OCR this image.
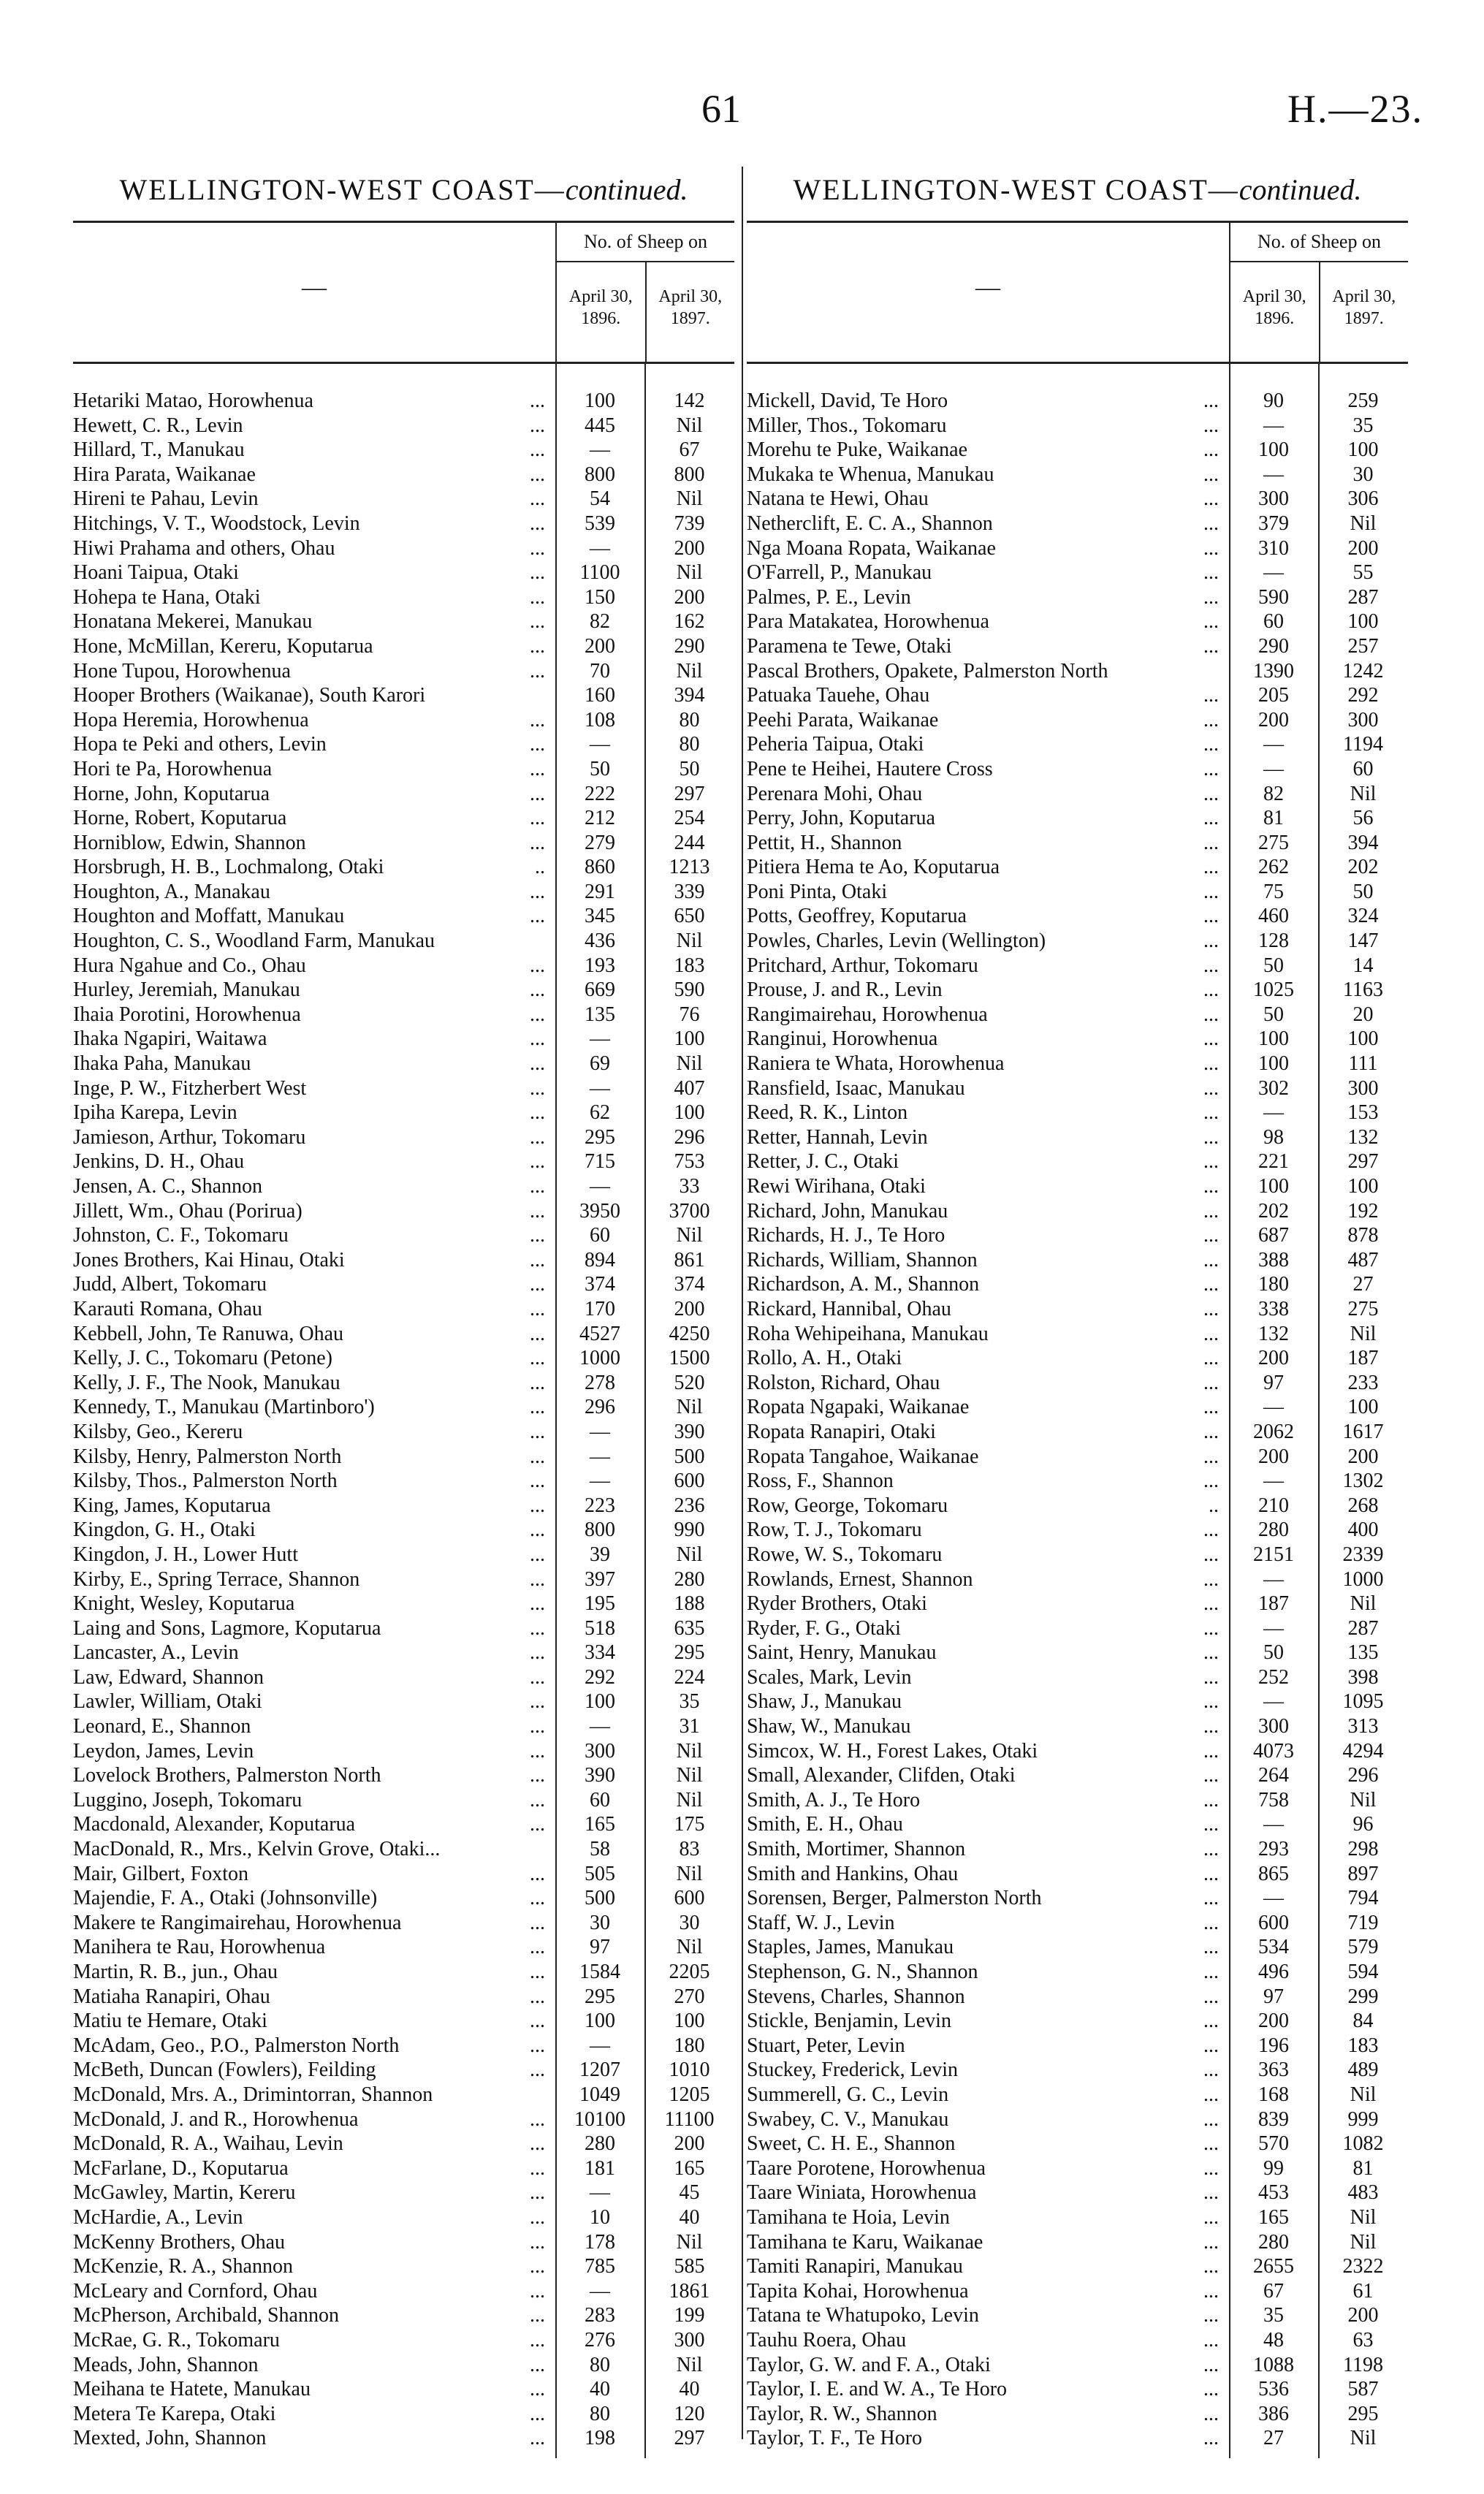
61	H.—23.
WELLINGTON-WEST COAST—continued.
—
No. of Sheep on
April 30, 1896.
April 30, 1897.
Hetariki Matao, Horowhenua	...	100	142
Hewett, C. R., Levin	...	445	Nil
Hillard, T., Manukau	...	—	67
Hira Parata, Waikanae	...	800	800
Hireni te Pahau, Levin	...	54	Nil
Hitchings, V. T., Woodstock, Levin	...	539	739
Hiwi Prahama and others, Ohau	...	—	200
Hoani Taipua, Otaki	...	1100	Nil
Hohepa te Hana, Otaki	...	150	200
Honatana Mekerei, Manukau	...	82	162
Hone, McMillan, Kereru, Koputarua	...	200	290
Hone Tupou, Horowhenua	...	70	Nil
Hooper Brothers (Waikanae), South Karori	160	394
Hopa Heremia, Horowhenua	...	108	80
Hopa te Peki and others, Levin	...	—	80
Hori te Pa, Horowhenua	...	50	50
Horne, John, Koputarua	...	222	297
Horne, Robert, Koputarua	...	212	254
Horniblow, Edwin, Shannon	...	279	244
Horsbrugh, H. B., Lochmalong, Otaki	..	860	1213
Houghton, A., Manakau	...	291	339
Houghton and Moffatt, Manukau	...	345	650
Houghton, C. S., Woodland Farm, Manukau	436	Nil
Hura Ngahue and Co., Ohau	...	193	183
Hurley, Jeremiah, Manukau	...	669	590
Ihaia Porotini, Horowhenua	...	135	76
Ihaka Ngapiri, Waitawa	...	—	100
Ihaka Paha, Manukau	...	69	Nil
Inge, P. W., Fitzherbert West	...	—	407
Ipiha Karepa, Levin	...	62	100
Jamieson, Arthur, Tokomaru	...	295	296
Jenkins, D. H., Ohau	...	715	753
Jensen, A. C., Shannon	...	—	33
Jillett, Wm., Ohau (Porirua)	...	3950	3700
Johnston, C. F., Tokomaru	...	60	Nil
Jones Brothers, Kai Hinau, Otaki	...	894	861
Judd, Albert, Tokomaru	...	374	374
Karauti Romana, Ohau	...	170	200
Kebbell, John, Te Ranuwa, Ohau	...	4527	4250
Kelly, J. C., Tokomaru (Petone)	...	1000	1500
Kelly, J. F., The Nook, Manukau	...	278	520
Kennedy, T., Manukau (Martinboro')	...	296	Nil
Kilsby, Geo., Kereru	...	—	390
Kilsby, Henry, Palmerston North	...	—	500
Kilsby, Thos., Palmerston North	...	—	600
King, James, Koputarua	...	223	236
Kingdon, G. H., Otaki	...	800	990
Kingdon, J. H., Lower Hutt	...	39	Nil
Kirby, E., Spring Terrace, Shannon	...	397	280
Knight, Wesley, Koputarua	...	195	188
Laing and Sons, Lagmore, Koputarua	...	518	635
Lancaster, A., Levin	...	334	295
Law, Edward, Shannon	...	292	224
Lawler, William, Otaki	...	100	35
Leonard, E., Shannon	...	—	31
Leydon, James, Levin	...	300	Nil
Lovelock Brothers, Palmerston North	...	390	Nil
Luggino, Joseph, Tokomaru	...	60	Nil
Macdonald, Alexander, Koputarua	...	165	175
MacDonald, R., Mrs., Kelvin Grove, Otaki...	58	83
Mair, Gilbert, Foxton	...	505	Nil
Majendie, F. A., Otaki (Johnsonville)	...	500	600
Makere te Rangimairehau, Horowhenua	...	30	30
Manihera te Rau, Horowhenua	...	97	Nil
Martin, R. B., jun., Ohau	...	1584	2205
Matiaha Ranapiri, Ohau	...	295	270
Matiu te Hemare, Otaki	...	100	100
McAdam, Geo., P.O., Palmerston North	...	—	180
McBeth, Duncan (Fowlers), Feilding	...	1207	1010
McDonald, Mrs. A., Drimintorran, Shannon	1049	1205
McDonald, J. and R., Horowhenua	...	10100	11100
McDonald, R. A., Waihau, Levin	...	280	200
McFarlane, D., Koputarua	...	181	165
McGawley, Martin, Kereru	...	—	45
McHardie, A., Levin	...	10	40
McKenny Brothers, Ohau	...	178	Nil
McKenzie, R. A., Shannon	...	785	585
McLeary and Cornford, Ohau	...	—	1861
McPherson, Archibald, Shannon	...	283	199
McRae, G. R., Tokomaru	...	276	300
Meads, John, Shannon	...	80	Nil
Meihana te Hatete, Manukau	...	40	40
Metera Te Karepa, Otaki	...	80	120
Mexted, John, Shannon	...	198	297
WELLINGTON-WEST COAST—continued.
—
No. of Sheep on
April 30, 1896.
April 30, 1897.
Mickell, David, Te Horo	...	90	259
Miller, Thos., Tokomaru	...	—	35
Morehu te Puke, Waikanae	...	100	100
Mukaka te Whenua, Manukau	...	—	30
Natana te Hewi, Ohau	...	300	306
Netherclift, E. C. A., Shannon	...	379	Nil
Nga Moana Ropata, Waikanae	...	310	200
O'Farrell, P., Manukau	...	—	55
Palmes, P. E., Levin	...	590	287
Para Matakatea, Horowhenua	...	60	100
Paramena te Tewe, Otaki	...	290	257
Pascal Brothers, Opakete, Palmerston North	1390	1242
Patuaka Tauehe, Ohau	...	205	292
Peehi Parata, Waikanae	...	200	300
Peheria Taipua, Otaki	...	—	1194
Pene te Heihei, Hautere Cross	...	—	60
Perenara Mohi, Ohau	...	82	Nil
Perry, John, Koputarua	...	81	56
Pettit, H., Shannon	...	275	394
Pitiera Hema te Ao, Koputarua	...	262	202
Poni Pinta, Otaki	...	75	50
Potts, Geoffrey, Koputarua	...	460	324
Powles, Charles, Levin (Wellington)	...	128	147
Pritchard, Arthur, Tokomaru	...	50	14
Prouse, J. and R., Levin	...	1025	1163
Rangimairehau, Horowhenua	...	50	20
Ranginui, Horowhenua	...	100	100
Raniera te Whata, Horowhenua	...	100	111
Ransfield, Isaac, Manukau	...	302	300
Reed, R. K., Linton	...	—	153
Retter, Hannah, Levin	...	98	132
Retter, J. C., Otaki	...	221	297
Rewi Wirihana, Otaki	...	100	100
Richard, John, Manukau	...	202	192
Richards, H. J., Te Horo	...	687	878
Richards, William, Shannon	...	388	487
Richardson, A. M., Shannon	...	180	27
Rickard, Hannibal, Ohau	...	338	275
Roha Wehipeihana, Manukau	...	132	Nil
Rollo, A. H., Otaki	...	200	187
Rolston, Richard, Ohau	...	97	233
Ropata Ngapaki, Waikanae	...	—	100
Ropata Ranapiri, Otaki	...	2062	1617
Ropata Tangahoe, Waikanae	...	200	200
Ross, F., Shannon	...	—	1302
Row, George, Tokomaru	..	210	268
Row, T. J., Tokomaru	...	280	400
Rowe, W. S., Tokomaru	...	2151	2339
Rowlands, Ernest, Shannon	...	—	1000
Ryder Brothers, Otaki	...	187	Nil
Ryder, F. G., Otaki	...	—	287
Saint, Henry, Manukau	...	50	135
Scales, Mark, Levin	...	252	398
Shaw, J., Manukau	...	—	1095
Shaw, W., Manukau	...	300	313
Simcox, W. H., Forest Lakes, Otaki	...	4073	4294
Small, Alexander, Clifden, Otaki	...	264	296
Smith, A. J., Te Horo	...	758	Nil
Smith, E. H., Ohau	...	—	96
Smith, Mortimer, Shannon	...	293	298
Smith and Hankins, Ohau	...	865	897
Sorensen, Berger, Palmerston North	...	—	794
Staff, W. J., Levin	...	600	719
Staples, James, Manukau	...	534	579
Stephenson, G. N., Shannon	...	496	594
Stevens, Charles, Shannon	...	97	299
Stickle, Benjamin, Levin	...	200	84
Stuart, Peter, Levin	...	196	183
Stuckey, Frederick, Levin	...	363	489
Summerell, G. C., Levin	...	168	Nil
Swabey, C. V., Manukau	...	839	999
Sweet, C. H. E., Shannon	...	570	1082
Taare Porotene, Horowhenua	...	99	81
Taare Winiata, Horowhenua	...	453	483
Tamihana te Hoia, Levin	...	165	Nil
Tamihana te Karu, Waikanae	...	280	Nil
Tamiti Ranapiri, Manukau	...	2655	2322
Tapita Kohai, Horowhenua	...	67	61
Tatana te Whatupoko, Levin	...	35	200
Tauhu Roera, Ohau	...	48	63
Taylor, G. W. and F. A., Otaki	...	1088	1198
Taylor, I. E. and W. A., Te Horo	...	536	587
Taylor, R. W., Shannon	...	386	295
Taylor, T. F., Te Horo	...	27	Nil
